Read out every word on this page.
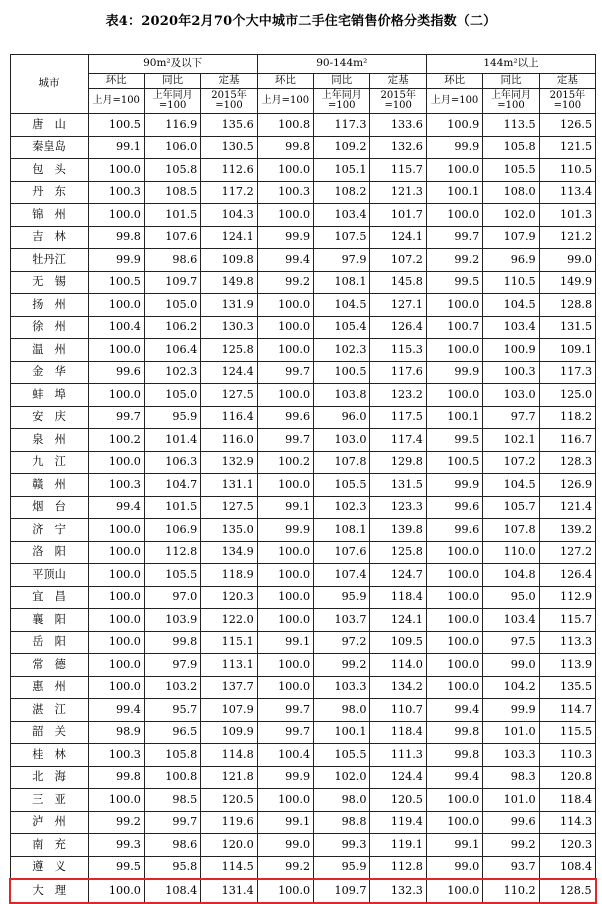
表4：2020年2月70个大中城市二手住宅销售价格分类指数（二）
城市	90m²及以下			90-144m²			144m²以上		
	环比	同比	定基	环比	同比	定基	环比	同比	定基
	上月=100	上年同月=100	2015年=100	上月=100	上年同月=100	2015年=100	上月=100	上年同月=100	2015年=100
唐　山	100.5	116.9	135.6	100.8	117.3	133.6	100.9	113.5	126.5
秦皇岛	99.1	106.0	130.5	99.8	109.2	132.6	99.9	105.8	121.5
包　头	100.0	105.8	112.6	100.0	105.1	115.7	100.0	105.5	110.5
丹　东	100.3	108.5	117.2	100.3	108.2	121.3	100.1	108.0	113.4
锦　州	100.0	101.5	104.3	100.0	103.4	101.7	100.0	102.0	101.3
吉　林	99.8	107.6	124.1	99.9	107.5	124.1	99.7	107.9	121.2
牡丹江	99.9	98.6	109.8	99.4	97.9	107.2	99.2	96.9	99.0
无　锡	100.5	109.7	149.8	99.2	108.1	145.8	99.5	110.5	149.9
扬　州	100.0	105.0	131.9	100.0	104.5	127.1	100.0	104.5	128.8
徐　州	100.4	106.2	130.3	100.0	105.4	126.4	100.7	103.4	131.5
温　州	100.0	106.4	125.8	100.0	102.3	115.3	100.0	100.9	109.1
金　华	99.6	102.3	124.4	99.7	100.5	117.6	99.9	100.3	117.3
蚌　埠	100.0	105.0	127.5	100.0	103.8	123.2	100.0	103.0	125.0
安　庆	99.7	95.9	116.4	99.6	96.0	117.5	100.1	97.7	118.2
泉　州	100.2	101.4	116.0	99.7	103.0	117.4	99.5	102.1	116.7
九　江	100.0	106.3	132.9	100.2	107.8	129.8	100.5	107.2	128.3
赣　州	100.3	104.7	131.1	100.0	105.5	131.5	99.9	104.5	126.9
烟　台	99.4	101.5	127.5	99.1	102.3	123.3	99.6	105.7	121.4
济　宁	100.0	106.9	135.0	99.9	108.1	139.8	99.6	107.8	139.2
洛　阳	100.0	112.8	134.9	100.0	107.6	125.8	100.0	110.0	127.2
平顶山	100.0	105.5	118.9	100.0	107.4	124.7	100.0	104.8	126.4
宜　昌	100.0	97.0	120.3	100.0	95.9	118.4	100.0	95.0	112.9
襄　阳	100.0	103.9	122.0	100.0	103.7	124.1	100.0	103.4	115.7
岳　阳	100.0	99.8	115.1	99.1	97.2	109.5	100.0	97.5	113.3
常　德	100.0	97.9	113.1	100.0	99.2	114.0	100.0	99.0	113.9
惠　州	100.0	103.2	137.7	100.0	103.3	134.2	100.0	104.2	135.5
湛　江	99.4	95.7	107.9	99.7	98.0	110.7	99.4	99.9	114.7
韶　关	98.9	96.5	109.9	99.7	100.1	118.4	99.8	101.0	115.5
桂　林	100.3	105.8	114.8	100.4	105.5	111.3	99.8	103.3	110.3
北　海	99.8	100.8	121.8	99.9	102.0	124.4	99.4	98.3	120.8
三　亚	100.0	98.5	120.5	100.0	98.0	120.5	100.0	101.0	118.4
泸　州	99.2	99.7	119.6	99.1	98.8	119.4	100.0	99.6	114.3
南　充	99.3	98.6	120.0	99.0	99.3	119.1	99.1	99.2	120.3
遵　义	99.5	95.8	114.5	99.2	95.9	112.8	99.0	93.7	108.4
大　理	100.0	108.4	131.4	100.0	109.7	132.3	100.0	110.2	128.5
